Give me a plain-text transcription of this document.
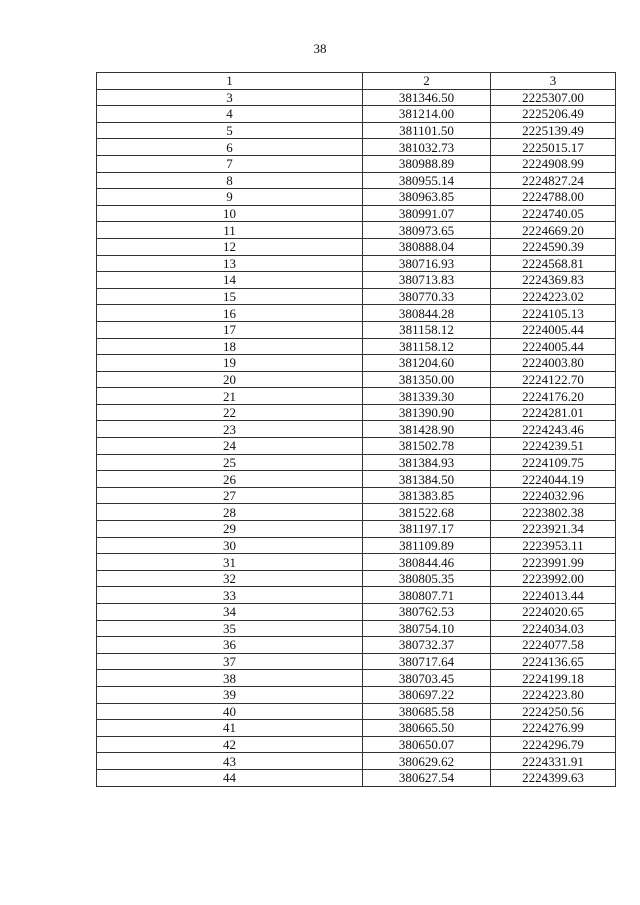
38
1	2	3
3	381346.50	2225307.00
4	381214.00	2225206.49
5	381101.50	2225139.49
6	381032.73	2225015.17
7	380988.89	2224908.99
8	380955.14	2224827.24
9	380963.85	2224788.00
10	380991.07	2224740.05
11	380973.65	2224669.20
12	380888.04	2224590.39
13	380716.93	2224568.81
14	380713.83	2224369.83
15	380770.33	2224223.02
16	380844.28	2224105.13
17	381158.12	2224005.44
18	381158.12	2224005.44
19	381204.60	2224003.80
20	381350.00	2224122.70
21	381339.30	2224176.20
22	381390.90	2224281.01
23	381428.90	2224243.46
24	381502.78	2224239.51
25	381384.93	2224109.75
26	381384.50	2224044.19
27	381383.85	2224032.96
28	381522.68	2223802.38
29	381197.17	2223921.34
30	381109.89	2223953.11
31	380844.46	2223991.99
32	380805.35	2223992.00
33	380807.71	2224013.44
34	380762.53	2224020.65
35	380754.10	2224034.03
36	380732.37	2224077.58
37	380717.64	2224136.65
38	380703.45	2224199.18
39	380697.22	2224223.80
40	380685.58	2224250.56
41	380665.50	2224276.99
42	380650.07	2224296.79
43	380629.62	2224331.91
44	380627.54	2224399.63
